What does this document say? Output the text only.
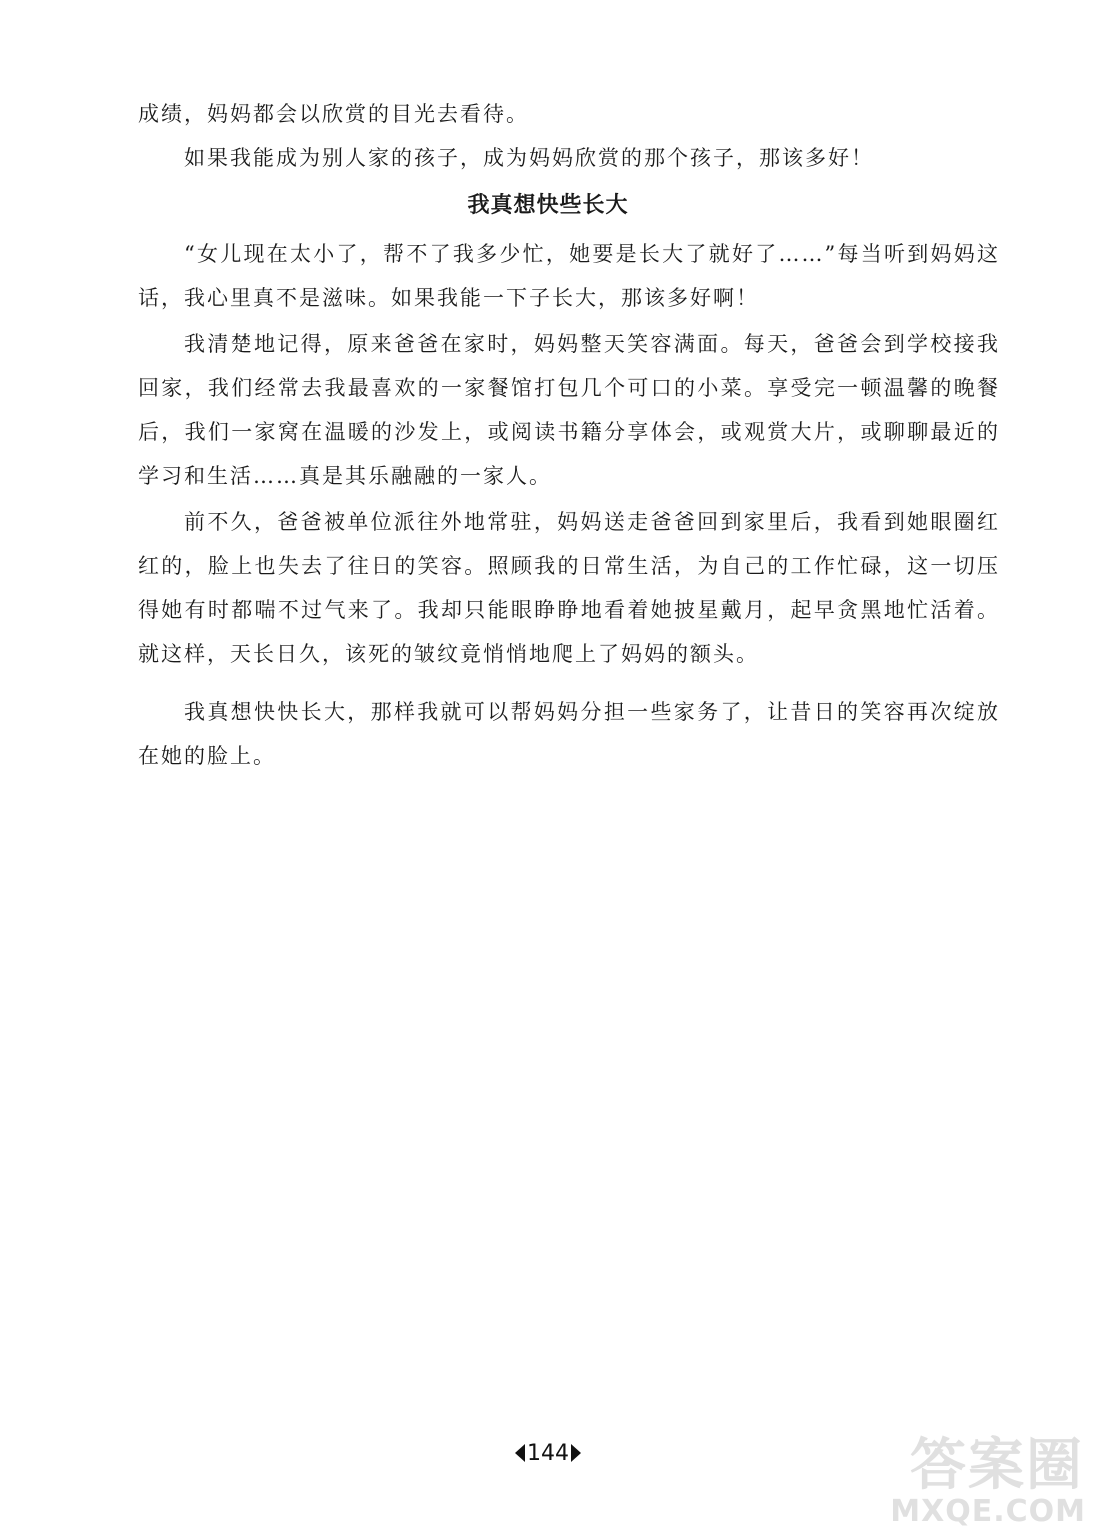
成绩，妈妈都会以欣赏的目光去看待。

如果我能成为别人家的孩子，成为妈妈欣赏的那个孩子，那该多好！

我真想快些长大

“女儿现在太小了，帮不了我多少忙，她要是长大了就好了……”每当听到妈妈这话，我心里真不是滋味。如果我能一下子长大，那该多好啊！

我清楚地记得，原来爸爸在家时，妈妈整天笑容满面。每天，爸爸会到学校接我回家，我们经常去我最喜欢的一家餐馆打包几个可口的小菜。享受完一顿温馨的晚餐后，我们一家窝在温暖的沙发上，或阅读书籍分享体会，或观赏大片，或聊聊最近的学习和生活……真是其乐融融的一家人。

前不久，爸爸被单位派往外地常驻，妈妈送走爸爸回到家里后，我看到她眼圈红红的，脸上也失去了往日的笑容。照顾我的日常生活，为自己的工作忙碌，这一切压得她有时都喘不过气来了。我却只能眼睁睁地看着她披星戴月，起早贪黑地忙活着。就这样，天长日久，该死的皱纹竟悄悄地爬上了妈妈的额头。

我真想快快长大，那样我就可以帮妈妈分担一些家务了，让昔日的笑容再次绽放在她的脸上。

144	答案圈
MXQE.COM
